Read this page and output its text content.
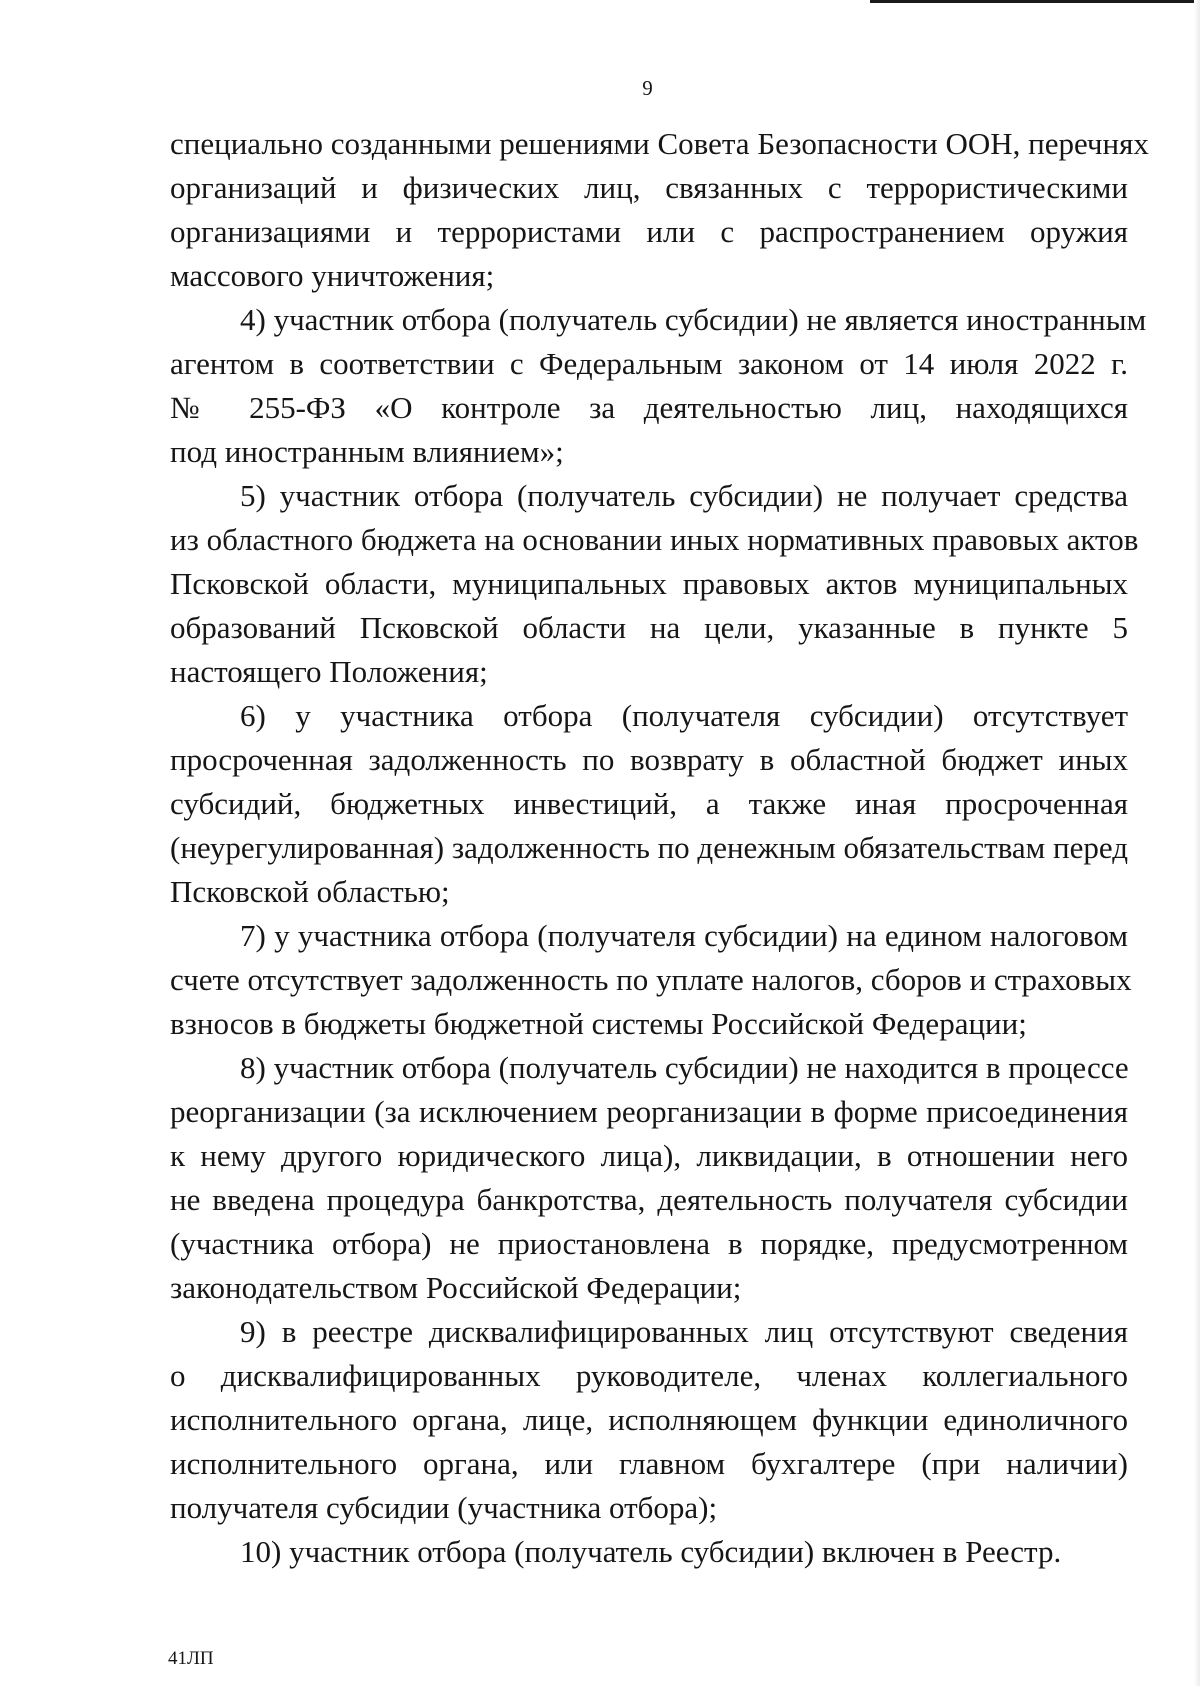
9
специально созданными решениями Совета Безопасности ООН, перечнях
организаций и физических лиц, связанных с террористическими
организациями и террористами или с распространением оружия
массового уничтожения;
4) участник отбора (получатель субсидии) не является иностранным
агентом в соответствии с Федеральным законом от 14 июля 2022 г.
№ 255-ФЗ «О контроле за деятельностью лиц, находящихся
под иностранным влиянием»;
5) участник отбора (получатель субсидии) не получает средства
из областного бюджета на основании иных нормативных правовых актов
Псковской области, муниципальных правовых актов муниципальных
образований Псковской области на цели, указанные в пункте 5
настоящего Положения;
6) у участника отбора (получателя субсидии) отсутствует
просроченная задолженность по возврату в областной бюджет иных
субсидий, бюджетных инвестиций, а также иная просроченная
(неурегулированная) задолженность по денежным обязательствам перед
Псковской областью;
7) у участника отбора (получателя субсидии) на едином налоговом
счете отсутствует задолженность по уплате налогов, сборов и страховых
взносов в бюджеты бюджетной системы Российской Федерации;
8) участник отбора (получатель субсидии) не находится в процессе
реорганизации (за исключением реорганизации в форме присоединения
к нему другого юридического лица), ликвидации, в отношении него
не введена процедура банкротства, деятельность получателя субсидии
(участника отбора) не приостановлена в порядке, предусмотренном
законодательством Российской Федерации;
9) в реестре дисквалифицированных лиц отсутствуют сведения
о дисквалифицированных руководителе, членах коллегиального
исполнительного органа, лице, исполняющем функции единоличного
исполнительного органа, или главном бухгалтере (при наличии)
получателя субсидии (участника отбора);
10) участник отбора (получатель субсидии) включен в Реестр.
41ЛП
